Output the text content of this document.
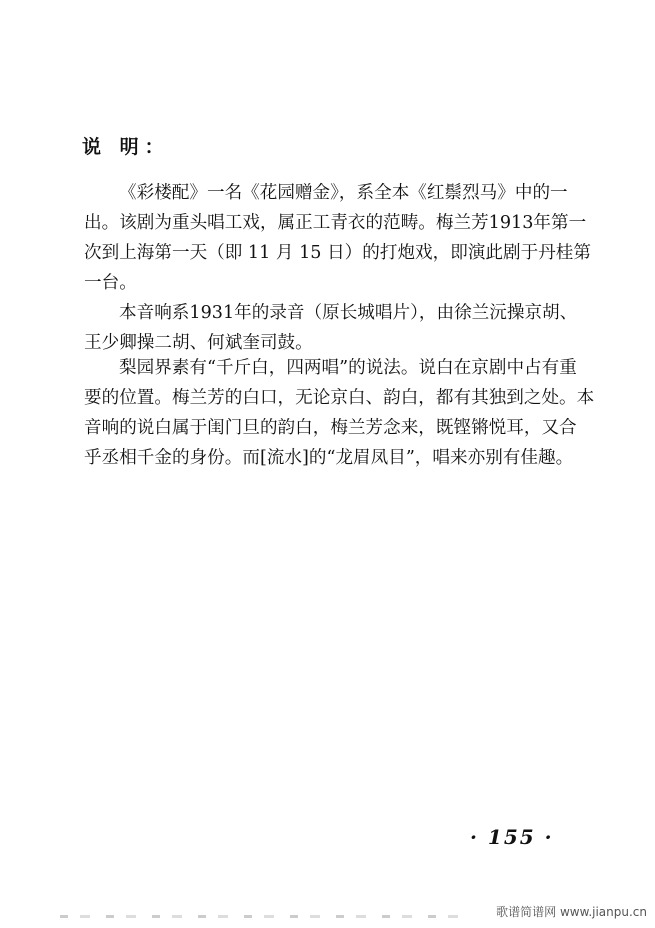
说 明：
《彩楼配》一名《花园赠金》，系全本《红鬃烈马》中的一
出。该剧为重头唱工戏，属正工青衣的范畴。梅兰芳1913年第一
次到上海第一天（即 11 月 15 日）的打炮戏，即演此剧于丹桂第
一台。
本音响系1931年的录音（原长城唱片），由徐兰沅操京胡、
王少卿操二胡、何斌奎司鼓。
梨园界素有“千斤白，四两唱”的说法。说白在京剧中占有重
要的位置。梅兰芳的白口，无论京白、韵白，都有其独到之处。本
音响的说白属于闺门旦的韵白，梅兰芳念来，既铿锵悦耳，又合
乎丞相千金的身份。而[流水]的“龙眉凤目”，唱来亦别有佳趣。
· 155 ·
歌谱简谱网 www.jianpu.cn
